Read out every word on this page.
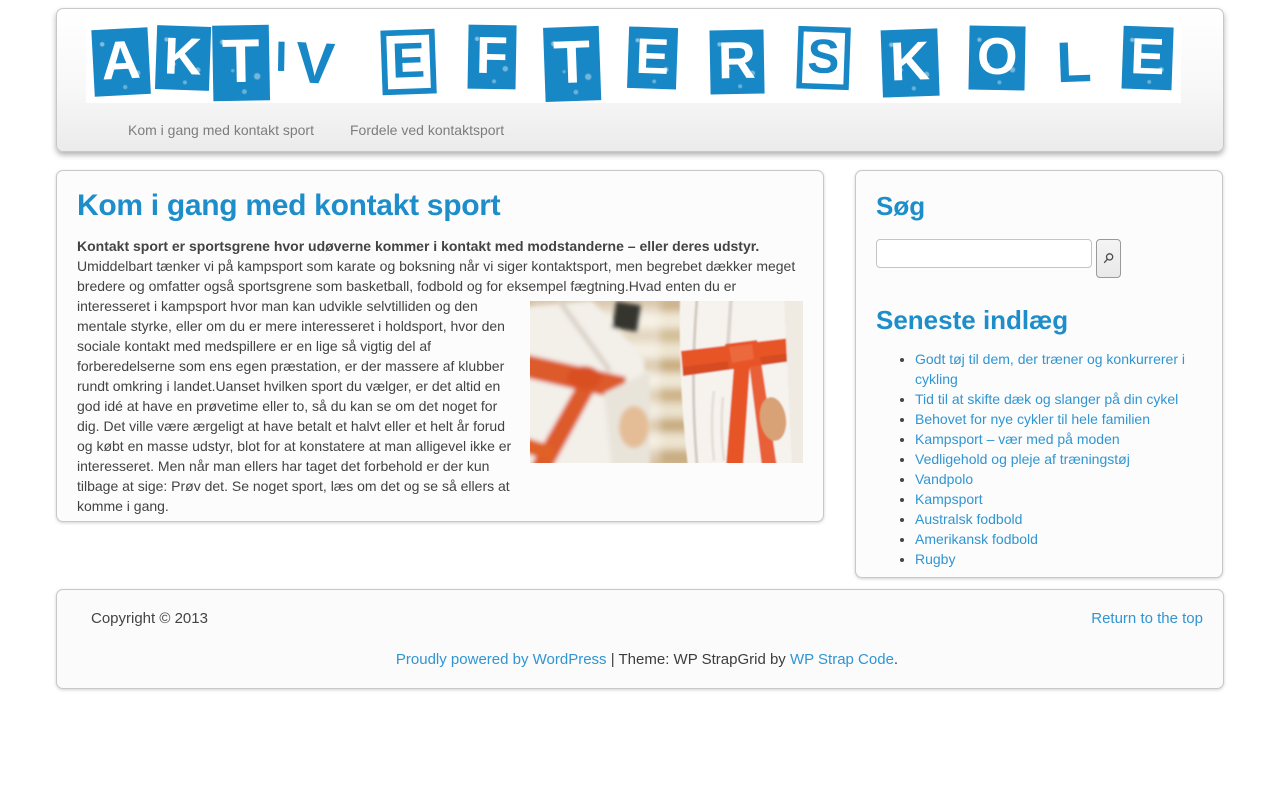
A K T I V E F T E R S K O L E
Kom i gang med kontakt sport	Fordele ved kontaktsport
Kom i gang med kontakt sport

Kontakt sport er sportsgrene hvor udøverne kommer i kontakt med modstanderne – eller deres udstyr.
Umiddelbart tænker vi på kampsport som karate og boksning når vi siger kontaktsport, men begrebet dækker meget bredere og omfatter også sportsgrene som basketball, fodbold og for eksempel fægtning.Hvad enten du er
interesseret i kampsport hvor man kan udvikle selvtilliden og den mentale styrke, eller om du er mere interesseret i holdsport, hvor den sociale kontakt med medspillere er en lige så vigtig del af forberedelserne som ens egen præstation, er der massere af klubber rundt omkring i landet.Uanset hvilken sport du vælger, er det altid en god idé at have en prøvetime eller to, så du kan se om det noget for dig. Det ville være ærgeligt at have betalt et halvt eller et helt år forud og købt en masse udstyr, blot for at konstatere at man alligevel ikke er interesseret. Men når man ellers har taget det forbehold er der kun tilbage at sige: Prøv det. Se noget sport, læs om det og se så ellers at komme i gang.

Søg
Seneste indlæg
• Godt tøj til dem, der træner og konkurrerer i cykling
• Tid til at skifte dæk og slanger på din cykel
• Behovet for nye cykler til hele familien
• Kampsport – vær med på moden
• Vedligehold og pleje af træningstøj
• Vandpolo
• Kampsport
• Australsk fodbold
• Amerikansk fodbold
• Rugby
Copyright © 2013	Return to the top
Proudly powered by WordPress | Theme: WP StrapGrid by WP Strap Code.
